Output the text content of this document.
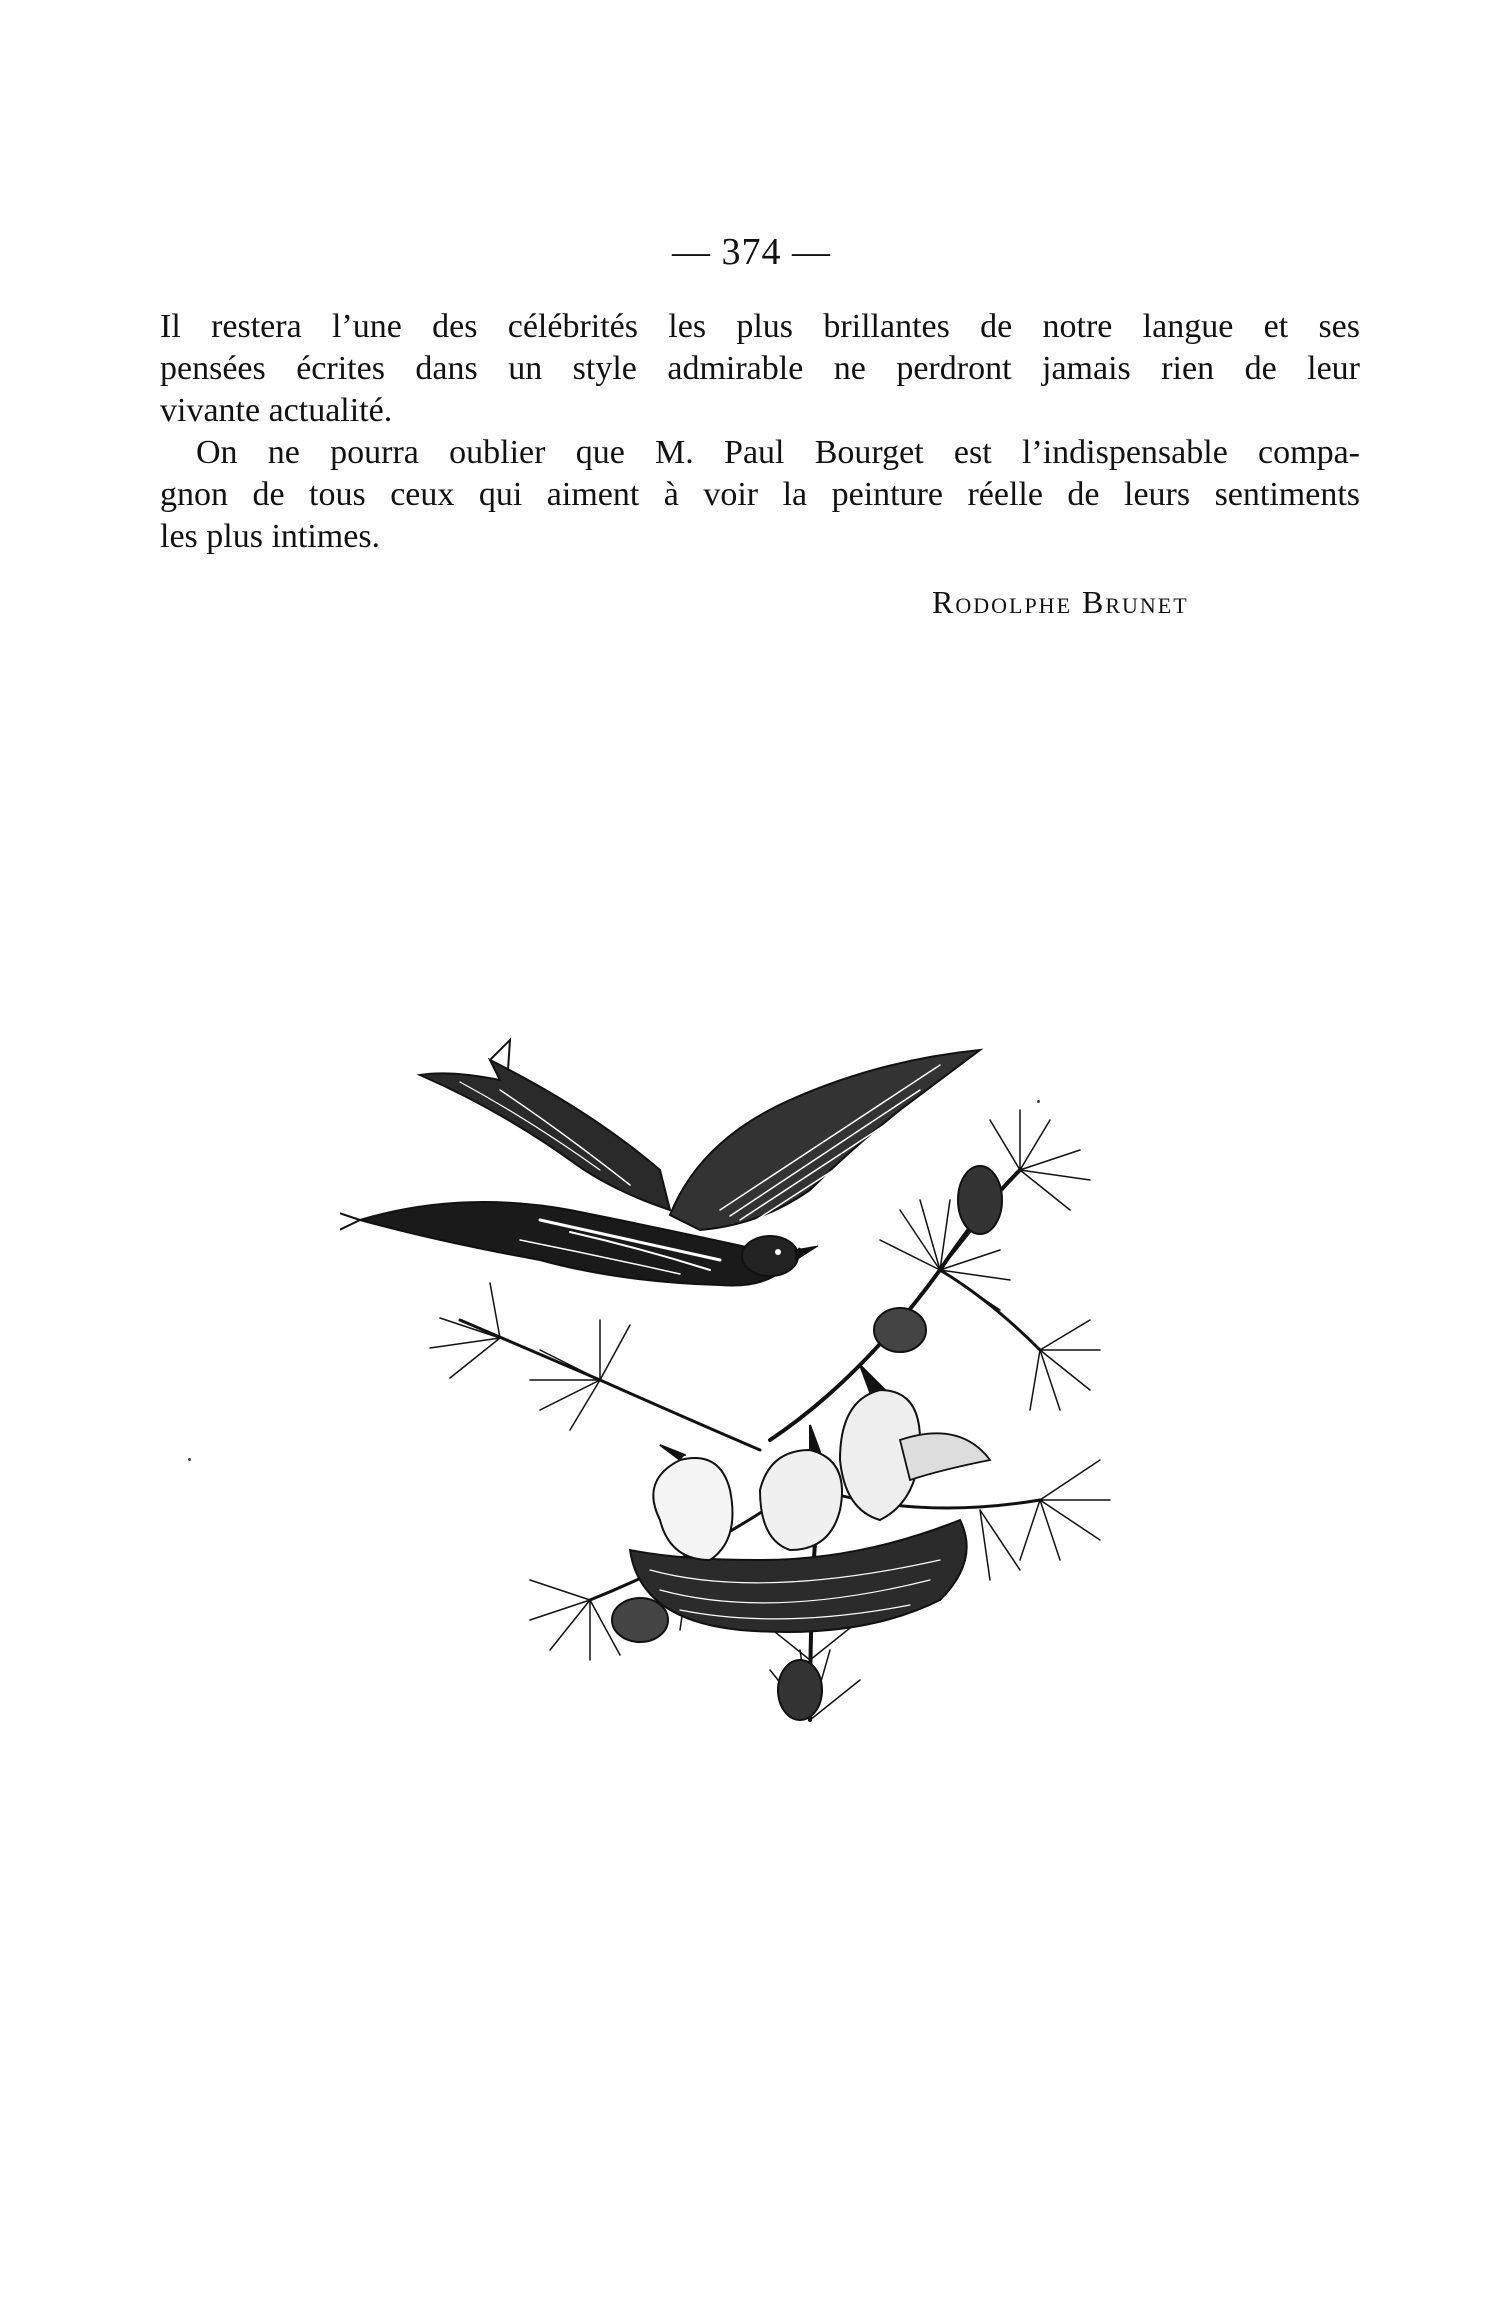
— 374 —
Il restera l’une des célébrités les plus brillantes de notre langue et ses
pensées écrites dans un style admirable ne perdront jamais rien de leur
vivante actualité.
On ne pourra oublier que M. Paul Bourget est l’indispensable compa-
gnon de tous ceux qui aiment à voir la peinture réelle de leurs sentiments
les plus intimes.
Rodolphe Brunet
